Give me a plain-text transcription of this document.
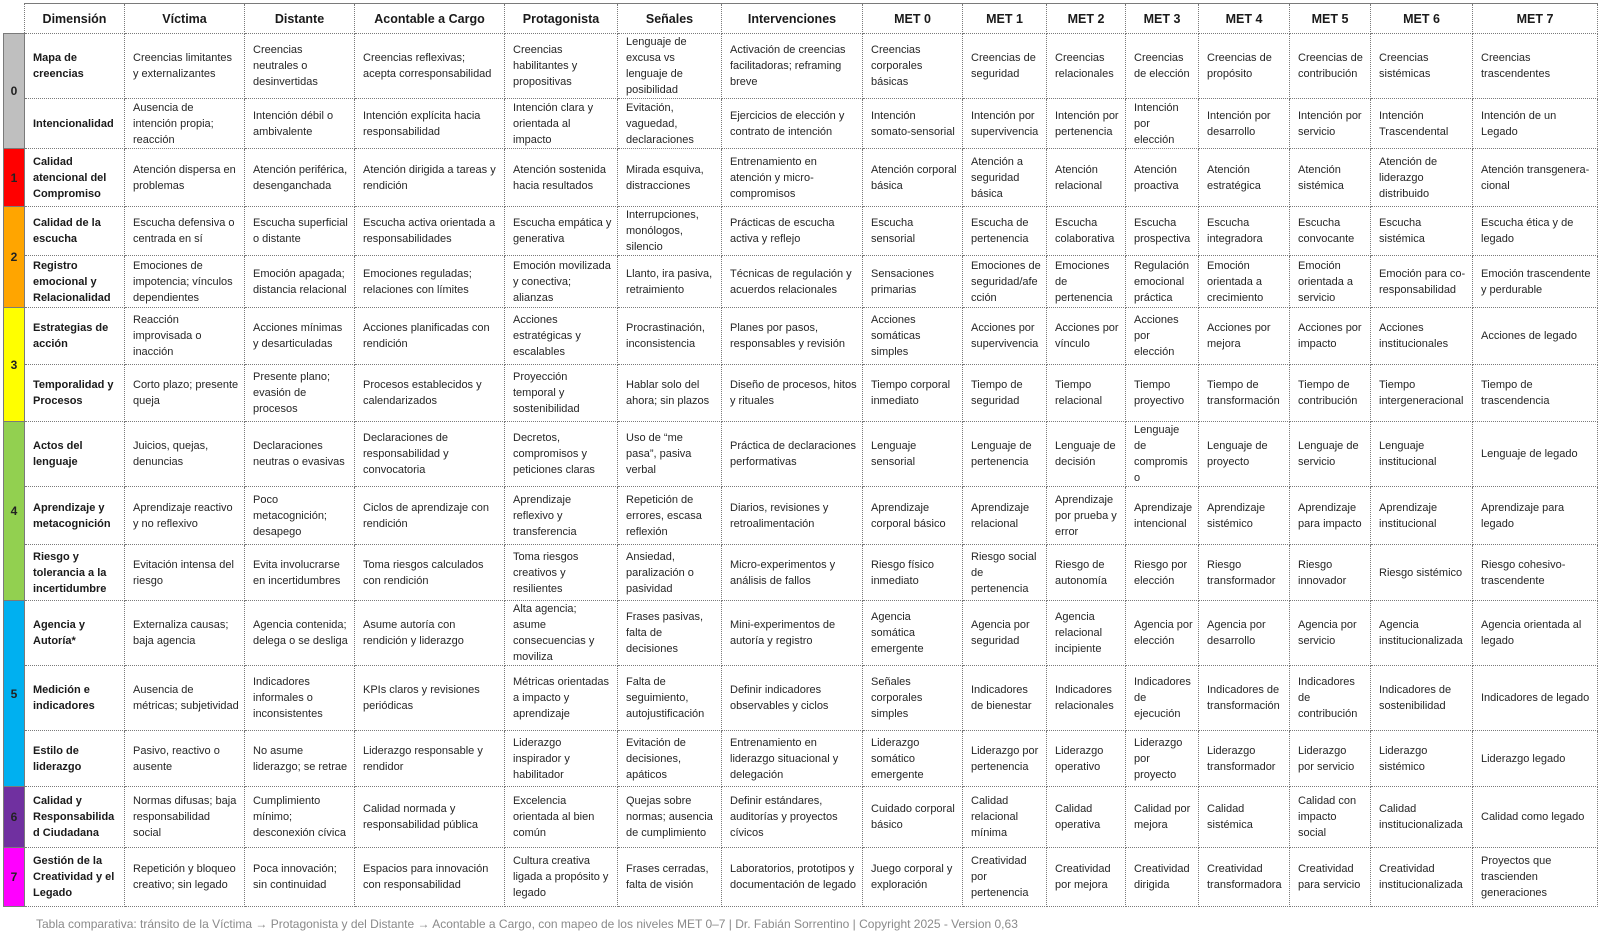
	Dimensión	Víctima	Distante	Acontable a Cargo	Protagonista	Señales	Intervenciones	MET 0	MET 1	MET 2	MET 3	MET 4	MET 5	MET 6	MET 7
0	Mapa de creencias	Creencias limitantes y externalizantes	Creencias neutrales o desinvertidas	Creencias reflexivas; acepta corresponsabilidad	Creencias habilitantes y propositivas	Lenguaje de excusa vs lenguaje de posibilidad	Activación de creencias facilitadoras; reframing breve	Creencias corporales básicas	Creencias de seguridad	Creencias relacionales	Creencias de elección	Creencias de propósito	Creencias de contribución	Creencias sistémicas	Creencias trascendentes
	Intencionalidad	Ausencia de intención propia; reacción	Intención débil o ambivalente	Intención explícita hacia responsabilidad	Intención clara y orientada al impacto	Evitación, vaguedad, declaraciones	Ejercicios de elección y contrato de intención	Intención somato-sensorial	Intención por supervivencia	Intención por pertenencia	Intención por elección	Intención por desarrollo	Intención por servicio	Intención Trascendental	Intención de un Legado
1	Calidad atencional del Compromiso	Atención dispersa en problemas	Atención periférica, desenganchada	Atención dirigida a tareas y rendición	Atención sostenida hacia resultados	Mirada esquiva, distracciones	Entrenamiento en atención y micro-compromisos	Atención corporal básica	Atención a seguridad básica	Atención relacional	Atención proactiva	Atención estratégica	Atención sistémica	Atención de liderazgo distribuido	Atención transgenera-cional
2	Calidad de la escucha	Escucha defensiva o centrada en sí	Escucha superficial o distante	Escucha activa orientada a responsabilidades	Escucha empática y generativa	Interrupciones, monólogos, silencio	Prácticas de escucha activa y reflejo	Escucha sensorial	Escucha de pertenencia	Escucha colaborativa	Escucha prospectiva	Escucha integradora	Escucha convocante	Escucha sistémica	Escucha ética y de legado
	Registro emocional y Relacionalidad	Emociones de impotencia; vínculos dependientes	Emoción apagada; distancia relacional	Emociones reguladas; relaciones con límites	Emoción movilizada y conectiva; alianzas	Llanto, ira pasiva, retraimiento	Técnicas de regulación y acuerdos relacionales	Sensaciones primarias	Emociones de seguridad/afe cción	Emociones de pertenencia	Regulación emocional práctica	Emoción orientada a crecimiento	Emoción orientada a servicio	Emoción para co-responsabilidad	Emoción trascendente y perdurable
3	Estrategias de acción	Reacción improvisada o inacción	Acciones mínimas y desarticuladas	Acciones planificadas con rendición	Acciones estratégicas y escalables	Procrastinación, inconsistencia	Planes por pasos, responsables y revisión	Acciones somáticas simples	Acciones por supervivencia	Acciones por vínculo	Acciones por elección	Acciones por mejora	Acciones por impacto	Acciones institucionales	Acciones de legado
	Temporalidad y Procesos	Corto plazo; presente queja	Presente plano; evasión de procesos	Procesos establecidos y calendarizados	Proyección temporal y sostenibilidad	Hablar solo del ahora; sin plazos	Diseño de procesos, hitos y rituales	Tiempo corporal inmediato	Tiempo de seguridad	Tiempo relacional	Tiempo proyectivo	Tiempo de transformación	Tiempo de contribución	Tiempo intergeneracional	Tiempo de trascendencia
4	Actos del lenguaje	Juicios, quejas, denuncias	Declaraciones neutras o evasivas	Declaraciones de responsabilidad y convocatoria	Decretos, compromisos y peticiones claras	Uso de “me pasa”, pasiva verbal	Práctica de declaraciones performativas	Lenguaje sensorial	Lenguaje de pertenencia	Lenguaje de decisión	Lenguaje de compromiso	Lenguaje de proyecto	Lenguaje de servicio	Lenguaje institucional	Lenguaje de legado
	Aprendizaje y metacognición	Aprendizaje reactivo y no reflexivo	Poco metacognición; desapego	Ciclos de aprendizaje con rendición	Aprendizaje reflexivo y transferencia	Repetición de errores, escasa reflexión	Diarios, revisiones y retroalimentación	Aprendizaje corporal básico	Aprendizaje relacional	Aprendizaje por prueba y error	Aprendizaje intencional	Aprendizaje sistémico	Aprendizaje para impacto	Aprendizaje institucional	Aprendizaje para legado
	Riesgo y tolerancia a la incertidumbre	Evitación intensa del riesgo	Evita involucrarse en incertidumbres	Toma riesgos calculados con rendición	Toma riesgos creativos y resilientes	Ansiedad, paralización o pasividad	Micro-experimentos y análisis de fallos	Riesgo físico inmediato	Riesgo social de pertenencia	Riesgo de autonomía	Riesgo por elección	Riesgo transformador	Riesgo innovador	Riesgo sistémico	Riesgo cohesivo-trascendente
5	Agencia y Autoría*	Externaliza causas; baja agencia	Agencia contenida; delega o se desliga	Asume autoría con rendición y liderazgo	Alta agencia; asume consecuencias y moviliza	Frases pasivas, falta de decisiones	Mini-experimentos de autoría y registro	Agencia somática emergente	Agencia por seguridad	Agencia relacional incipiente	Agencia por elección	Agencia por desarrollo	Agencia por servicio	Agencia institucionalizada	Agencia orientada al legado
	Medición e indicadores	Ausencia de métricas; subjetividad	Indicadores informales o inconsistentes	KPIs claros y revisiones periódicas	Métricas orientadas a impacto y aprendizaje	Falta de seguimiento, autojustificación	Definir indicadores observables y ciclos	Señales corporales simples	Indicadores de bienestar	Indicadores relacionales	Indicadores de ejecución	Indicadores de transformación	Indicadores de contribución	Indicadores de sostenibilidad	Indicadores de legado
	Estilo de liderazgo	Pasivo, reactivo o ausente	No asume liderazgo; se retrae	Liderazgo responsable y rendidor	Liderazgo inspirador y habilitador	Evitación de decisiones, apáticos	Entrenamiento en liderazgo situacional y delegación	Liderazgo somático emergente	Liderazgo por pertenencia	Liderazgo operativo	Liderazgo por proyecto	Liderazgo transformador	Liderazgo por servicio	Liderazgo sistémico	Liderazgo legado
6	Calidad y Responsabilidad Ciudadana	Normas difusas; baja responsabilidad social	Cumplimiento mínimo; desconexión cívica	Calidad normada y responsabilidad pública	Excelencia orientada al bien común	Quejas sobre normas; ausencia de cumplimiento	Definir estándares, auditorías y proyectos cívicos	Cuidado corporal básico	Calidad relacional mínima	Calidad operativa	Calidad por mejora	Calidad sistémica	Calidad con impacto social	Calidad institucionalizada	Calidad como legado
7	Gestión de la Creatividad y el Legado	Repetición y bloqueo creativo; sin legado	Poca innovación; sin continuidad	Espacios para innovación con responsabilidad	Cultura creativa ligada a propósito y legado	Frases cerradas, falta de visión	Laboratorios, prototipos y documentación de legado	Juego corporal y exploración	Creatividad por pertenencia	Creatividad por mejora	Creatividad dirigida	Creatividad transformadora	Creatividad para servicio	Creatividad institucionalizada	Proyectos que trascienden generaciones
Tabla comparativa: tránsito de la Víctima → Protagonista y del Distante → Acontable a Cargo, con mapeo de los niveles MET 0–7 | Dr. Fabián Sorrentino | Copyright 2025 - Version 0,63
